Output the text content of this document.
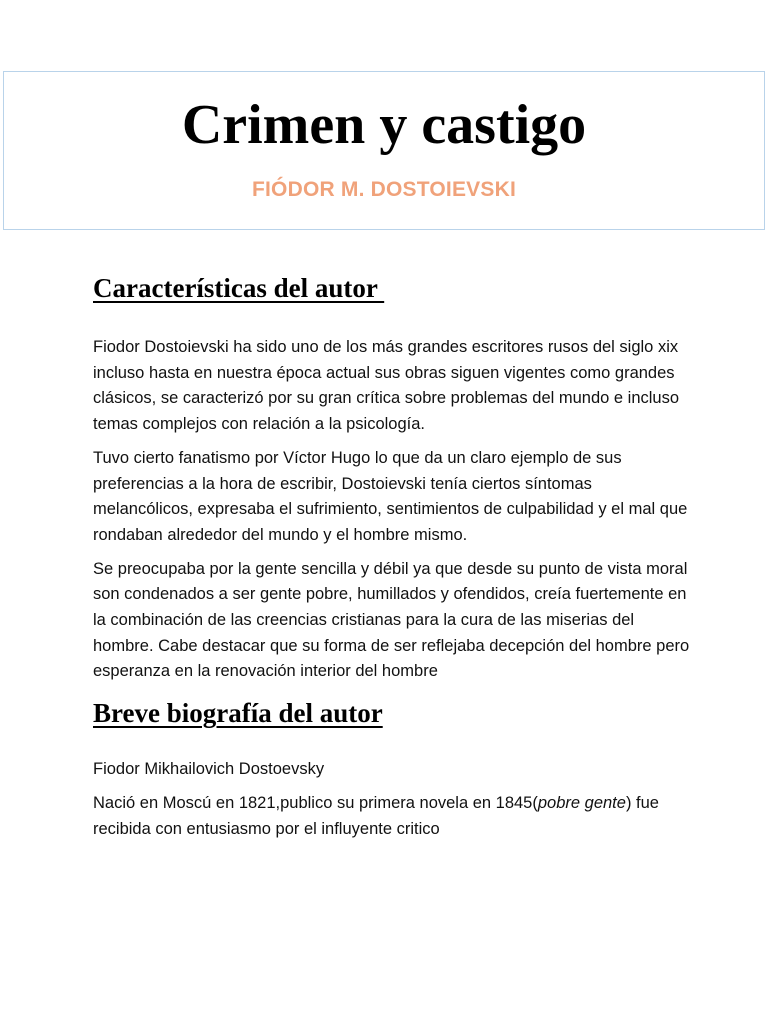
Crimen y castigo
FIÓDOR M. DOSTOIEVSKI
Características del autor

Fiodor Dostoievski ha sido uno de los más grandes escritores rusos del siglo xix incluso hasta en nuestra época actual sus obras siguen vigentes como grandes clásicos, se caracterizó por su gran crítica sobre problemas del mundo e incluso temas complejos con relación a la psicología.

Tuvo cierto fanatismo por Víctor Hugo lo que da un claro ejemplo de sus preferencias a la hora de escribir, Dostoievski tenía ciertos síntomas melancólicos, expresaba el sufrimiento, sentimientos de culpabilidad y el mal que rondaban alrededor del mundo y el hombre mismo.

Se preocupaba por la gente sencilla y débil ya que desde su punto de vista moral son condenados a ser gente pobre, humillados y ofendidos, creía fuertemente en la combinación de las creencias cristianas para la cura de las miserias del hombre. Cabe destacar que su forma de ser reflejaba decepción del hombre pero esperanza en la renovación interior del hombre

Breve biografía del autor

Fiodor Mikhailovich Dostoevsky

Nació en Moscú en 1821,publico su primera novela en 1845(pobre gente) fue recibida con entusiasmo por el influyente critico
